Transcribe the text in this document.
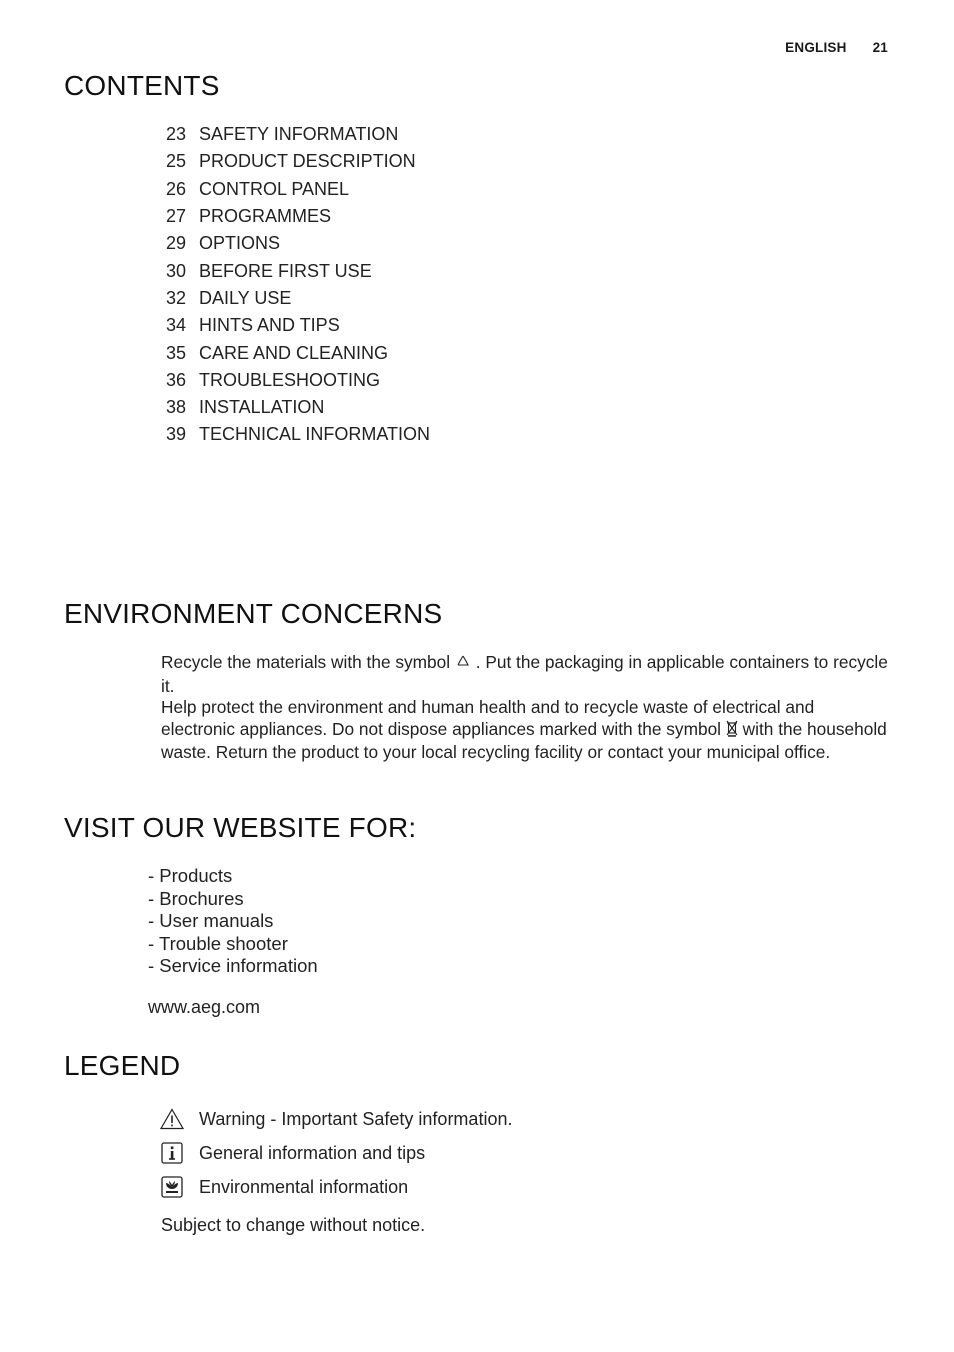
ENGLISH 21
CONTENTS
23 SAFETY INFORMATION
25 PRODUCT DESCRIPTION
26 CONTROL PANEL
27 PROGRAMMES
29 OPTIONS
30 BEFORE FIRST USE
32 DAILY USE
34 HINTS AND TIPS
35 CARE AND CLEANING
36 TROUBLESHOOTING
38 INSTALLATION
39 TECHNICAL INFORMATION
ENVIRONMENT CONCERNS

Recycle the materials with the symbol . Put the packaging in applicable containers to recycle it.

Help protect the environment and human health and to recycle waste of electrical and electronic appliances. Do not dispose appliances marked with the symbol with the household waste. Return the product to your local recycling facility or contact your municipal office.

VISIT OUR WEBSITE FOR:
- Products
- Brochures
- User manuals
- Trouble shooter
- Service information
www.aeg.com
LEGEND
Warning - Important Safety information.
General information and tips
Environmental information
Subject to change without notice.
